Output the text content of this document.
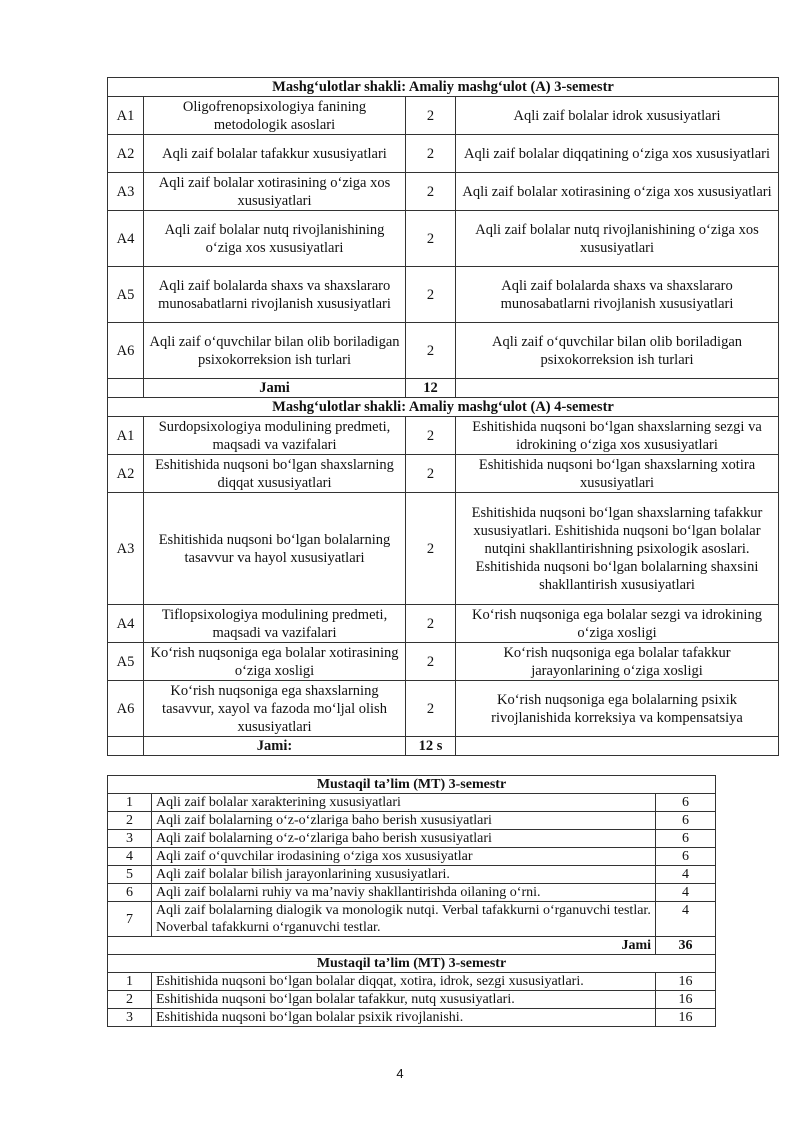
Mashg‘ulotlar shakli: Amaliy mashg‘ulot (A) 3-semestr			
A1	Oligofrenopsixologiya fanining metodologik asoslari	2	Aqli zaif bolalar idrok xususiyatlari
A2	Aqli zaif bolalar tafakkur xususiyatlari	2	Aqli zaif bolalar diqqatining o‘ziga xos xususiyatlari
A3	Aqli zaif bolalar xotirasining o‘ziga xos xususiyatlari	2	Aqli zaif bolalar xotirasining o‘ziga xos xususiyatlari
A4	Aqli zaif bolalar nutq rivojlanishining o‘ziga xos xususiyatlari	2	Aqli zaif bolalar nutq rivojlanishining o‘ziga xos xususiyatlari
A5	Aqli zaif bolalarda shaxs va shaxslararo munosabatlarni rivojlanish xususiyatlari	2	Aqli zaif bolalarda shaxs va shaxslararo munosabatlarni rivojlanish xususiyatlari
A6	Aqli zaif o‘quvchilar bilan olib boriladigan psixokorreksion ish turlari	2	Aqli zaif o‘quvchilar bilan olib boriladigan psixokorreksion ish turlari
	Jami	12	
Mashg‘ulotlar shakli: Amaliy mashg‘ulot (A) 4-semestr			
A1	Surdopsixologiya modulining predmeti, maqsadi va vazifalari	2	Eshitishida nuqsoni bo‘lgan shaxslarning sezgi va idrokining o‘ziga xos xususiyatlari
A2	Eshitishida nuqsoni bo‘lgan shaxslarning diqqat xususiyatlari	2	Eshitishida nuqsoni bo‘lgan shaxslarning xotira xususiyatlari
A3	Eshitishida nuqsoni bo‘lgan bolalarning tasavvur va hayol xususiyatlari	2	Eshitishida nuqsoni bo‘lgan shaxslarning tafakkur xususiyatlari. Eshitishida nuqsoni bo‘lgan bolalar nutqini shakllantirishning psixologik asoslari. Eshitishida nuqsoni bo‘lgan bolalarning shaxsini shakllantirish xususiyatlari
A4	Tiflopsixologiya modulining predmeti, maqsadi va vazifalari	2	Ko‘rish nuqsoniga ega bolalar sezgi va idrokining o‘ziga xosligi
A5	Ko‘rish nuqsoniga ega bolalar xotirasining o‘ziga xosligi	2	Ko‘rish nuqsoniga ega bolalar tafakkur jarayonlarining o‘ziga xosligi
A6	Ko‘rish nuqsoniga ega shaxslarning tasavvur, xayol va fazoda mo‘ljal olish xususiyatlari	2	Ko‘rish nuqsoniga ega bolalarning psixik rivojlanishida korreksiya va kompensatsiya
	Jami:	12 s	
Mustaqil ta’lim (MT) 3-semestr		
1	Aqli zaif bolalar xarakterining xususiyatlari	6
2	Aqli zaif bolalarning o‘z-o‘zlariga baho berish xususiyatlari	6
3	Aqli zaif bolalarning o‘z-o‘zlariga baho berish xususiyatlari	6
4	Aqli zaif o‘quvchilar irodasining o‘ziga xos xususiyatlar	6
5	Aqli zaif bolalar bilish jarayonlarining xususiyatlari.	4
6	Aqli zaif bolalarni ruhiy va ma’naviy shakllantirishda oilaning o‘rni.	4
7	Aqli zaif bolalarning dialogik va monologik nutqi. Verbal tafakkurni o‘rganuvchi testlar. Noverbal tafakkurni o‘rganuvchi testlar.	4
Jami		36
Mustaqil ta’lim (MT) 3-semestr		
1	Eshitishida nuqsoni bo‘lgan bolalar diqqat, xotira, idrok, sezgi xususiyatlari.	16
2	Eshitishida nuqsoni bo‘lgan bolalar tafakkur, nutq xususiyatlari.	16
3	Eshitishida nuqsoni bo‘lgan bolalar psixik rivojlanishi.	16
4
